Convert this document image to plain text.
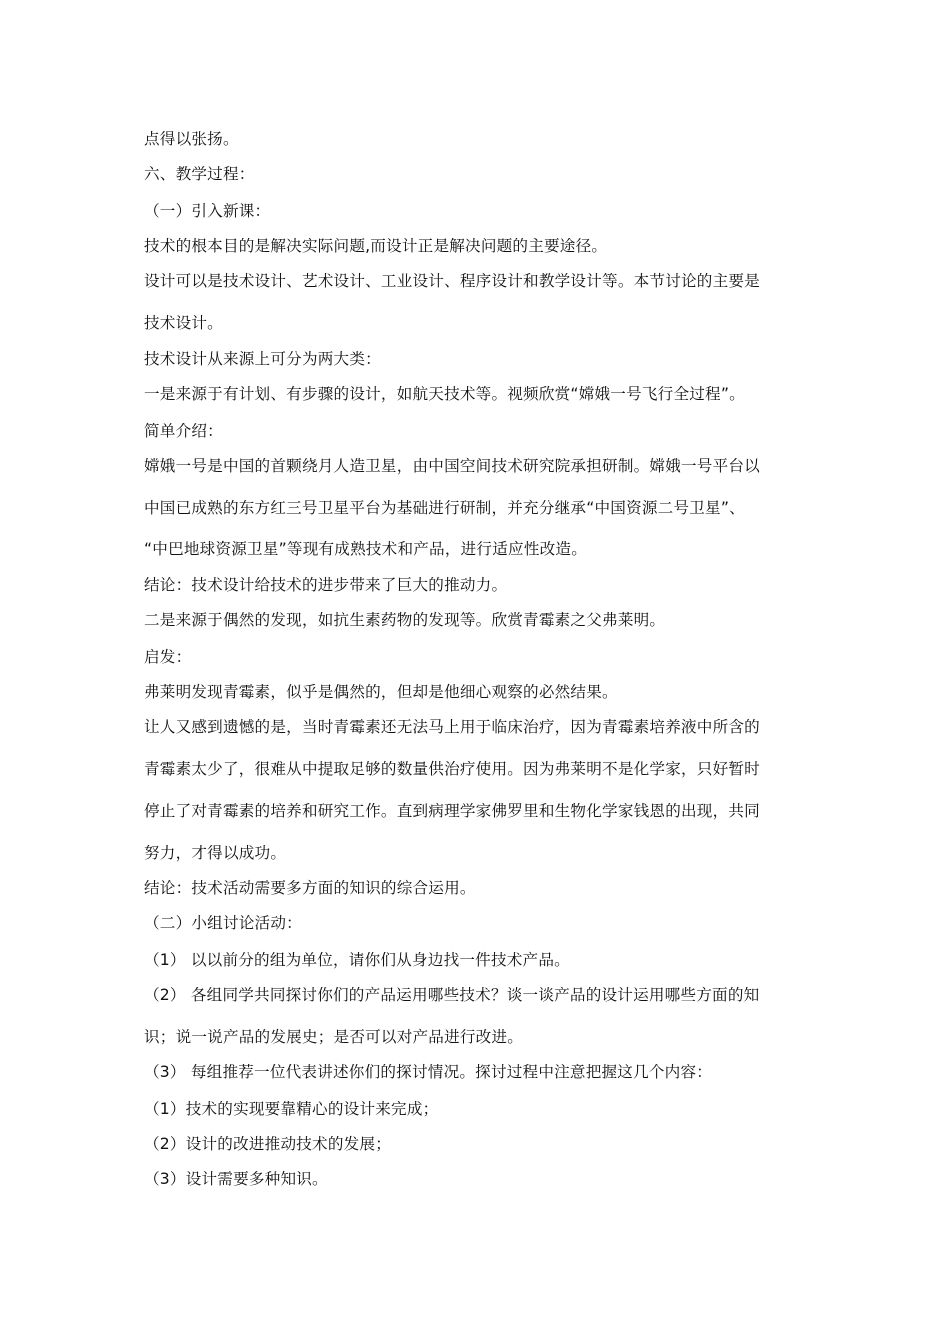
点得以张扬。
六、教学过程：
（一）引入新课：
技术的根本目的是解决实际问题,而设计正是解决问题的主要途径。
设计可以是技术设计、艺术设计、工业设计、程序设计和教学设计等。本节讨论的主要是
技术设计。
技术设计从来源上可分为两大类：
一是来源于有计划、有步骤的设计，如航天技术等。视频欣赏“嫦娥一号飞行全过程”。
简单介绍：
嫦娥一号是中国的首颗绕月人造卫星，由中国空间技术研究院承担研制。嫦娥一号平台以
中国已成熟的东方红三号卫星平台为基础进行研制，并充分继承“中国资源二号卫星”、
“中巴地球资源卫星”等现有成熟技术和产品，进行适应性改造。
结论：技术设计给技术的进步带来了巨大的推动力。
二是来源于偶然的发现，如抗生素药物的发现等。欣赏青霉素之父弗莱明。
启发：
弗莱明发现青霉素，似乎是偶然的，但却是他细心观察的必然结果。
让人又感到遗憾的是，当时青霉素还无法马上用于临床治疗，因为青霉素培养液中所含的
青霉素太少了，很难从中提取足够的数量供治疗使用。因为弗莱明不是化学家，只好暂时
停止了对青霉素的培养和研究工作。直到病理学家佛罗里和生物化学家钱恩的出现，共同
努力，才得以成功。
结论：技术活动需要多方面的知识的综合运用。
（二）小组讨论活动：
（1） 以以前分的组为单位，请你们从身边找一件技术产品。
（2） 各组同学共同探讨你们的产品运用哪些技术？谈一谈产品的设计运用哪些方面的知
识；说一说产品的发展史；是否可以对产品进行改进。
（3） 每组推荐一位代表讲述你们的探讨情况。探讨过程中注意把握这几个内容：
（1）技术的实现要靠精心的设计来完成；
（2）设计的改进推动技术的发展；
（3）设计需要多种知识。
